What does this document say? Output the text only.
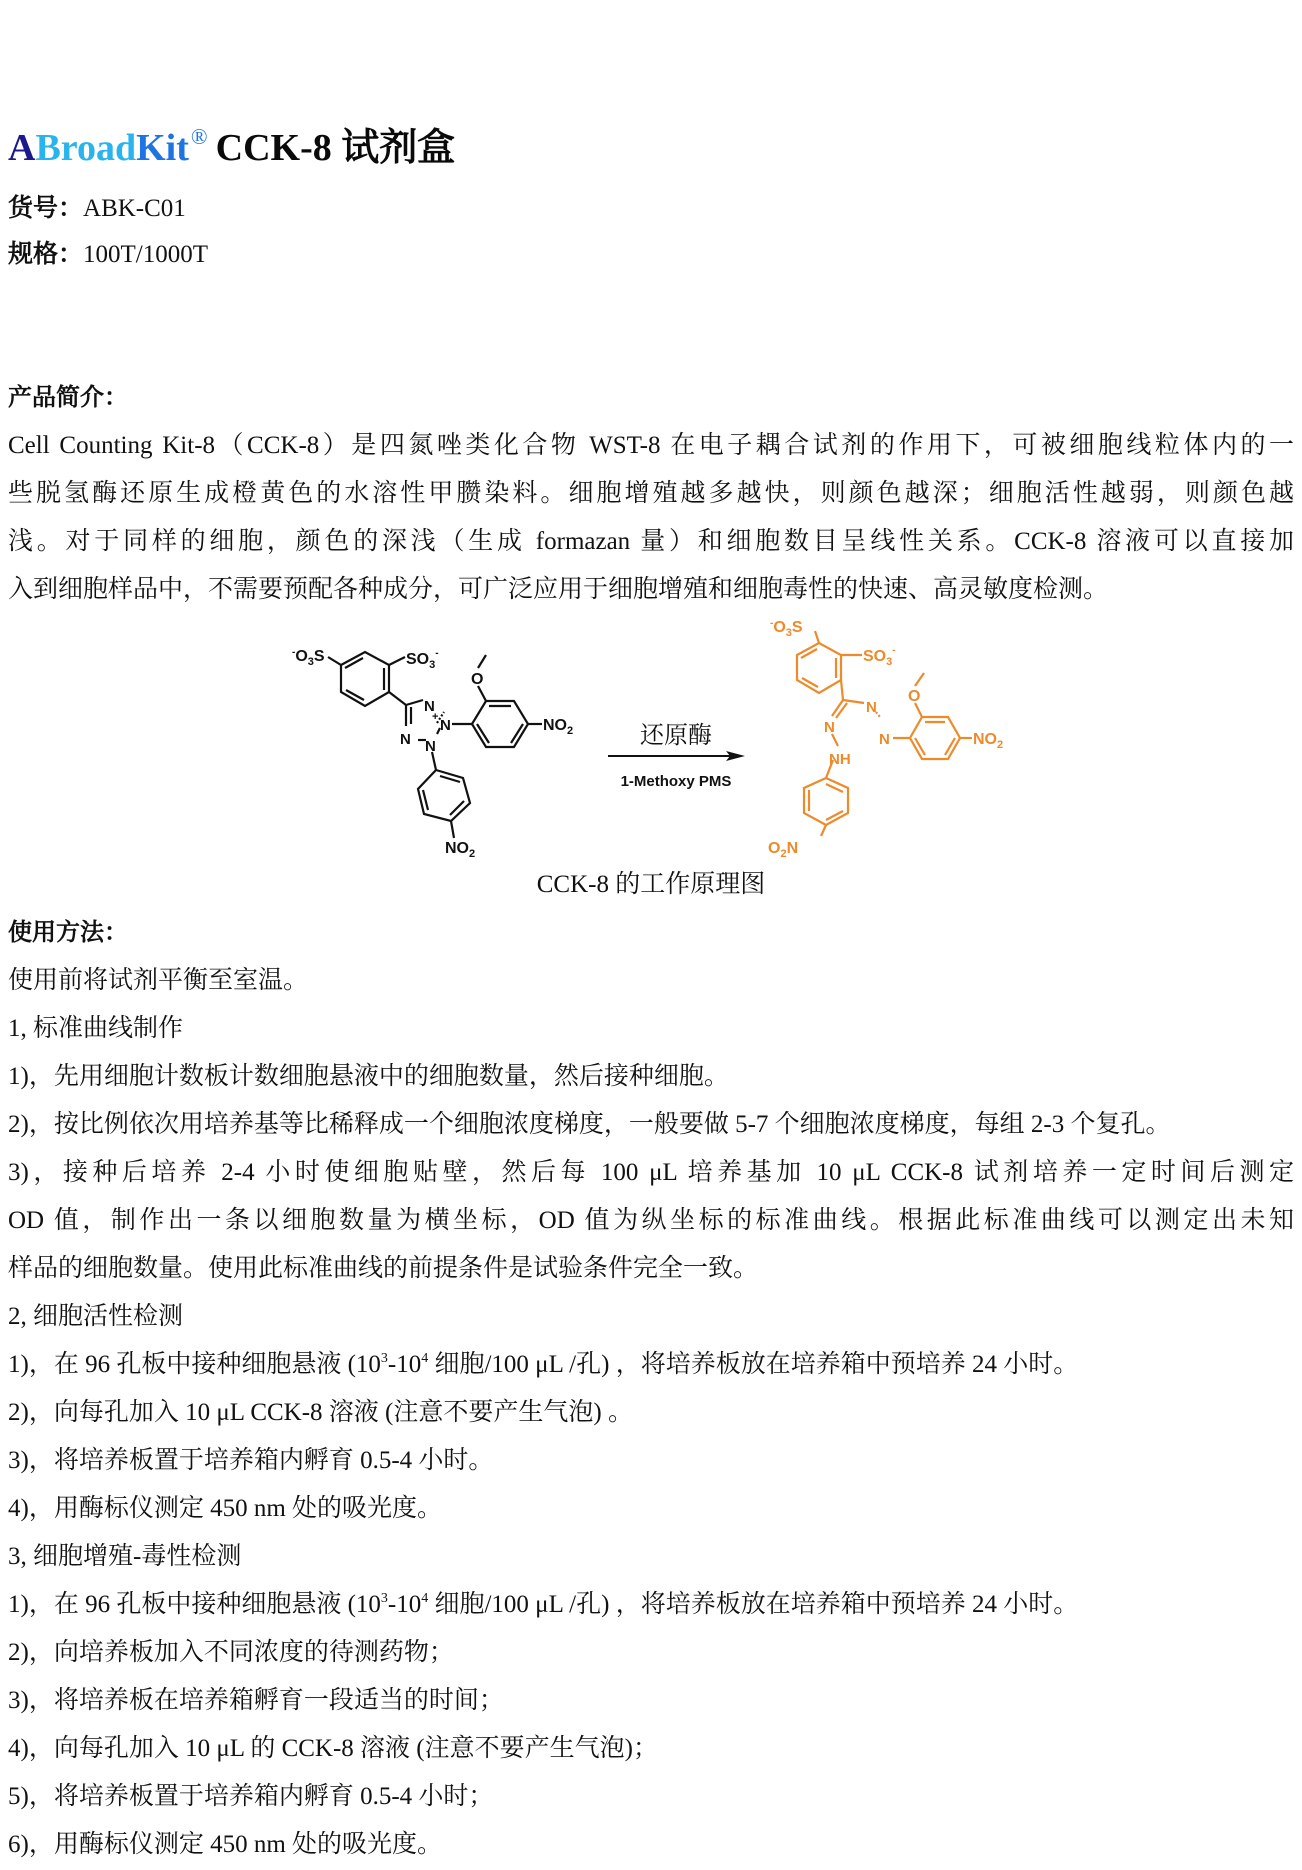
ABroadKit® CCK-8 试剂盒
货号：ABK-C01
规格：100T/1000T
产品简介：
Cell Counting Kit-8（CCK-8）是四氮唑类化合物 WST-8 在电子耦合试剂的作用下，可被细胞线粒体内的一
些脱氢酶还原生成橙黄色的水溶性甲臜染料。细胞增殖越多越快，则颜色越深；细胞活性越弱，则颜色越
浅。对于同样的细胞，颜色的深浅（生成 formazan 量）和细胞数目呈线性关系。CCK-8 溶液可以直接加
入到细胞样品中，不需要预配各种成分，可广泛应用于细胞增殖和细胞毒性的快速、高灵敏度检测。
$^-O_3S$	$SO_3^-$
O
N
+ N
N N
$NO_2$
$NO_2$
还原酶
1-Methoxy PMS
$^-O_3S$
$SO_3^-$
O
N
N
N
NH
$NO_2$
$O_2N$
CCK-8 的工作原理图
使用方法：
使用前将试剂平衡至室温。
1, 标准曲线制作
1)，先用细胞计数板计数细胞悬液中的细胞数量，然后接种细胞。
2)，按比例依次用培养基等比稀释成一个细胞浓度梯度，一般要做 5-7 个细胞浓度梯度，每组 2-3 个复孔。
3)，接种后培养 2-4 小时使细胞贴壁，然后每 100 μL 培养基加 10 μL CCK-8 试剂培养一定时间后测定
OD 值，制作出一条以细胞数量为横坐标，OD 值为纵坐标的标准曲线。根据此标准曲线可以测定出未知
样品的细胞数量。使用此标准曲线的前提条件是试验条件完全一致。
2, 细胞活性检测
1)，在 96 孔板中接种细胞悬液 ($10^3-10^4$ 细胞/100 μL /孔) ，将培养板放在培养箱中预培养 24 小时。
2)，向每孔加入 10 μL CCK-8 溶液 (注意不要产生气泡) 。
3)，将培养板置于培养箱内孵育 0.5-4 小时。
4)，用酶标仪测定 450 nm 处的吸光度。
3, 细胞增殖-毒性检测
1)，在 96 孔板中接种细胞悬液 ($10^3-10^4$ 细胞/100 μL /孔) ，将培养板放在培养箱中预培养 24 小时。
2)，向培养板加入不同浓度的待测药物；
3)，将培养板在培养箱孵育一段适当的时间；
4)，向每孔加入 10 μL 的 CCK-8 溶液 (注意不要产生气泡)；
5)，将培养板置于培养箱内孵育 0.5-4 小时；
6)，用酶标仪测定 450 nm 处的吸光度。
